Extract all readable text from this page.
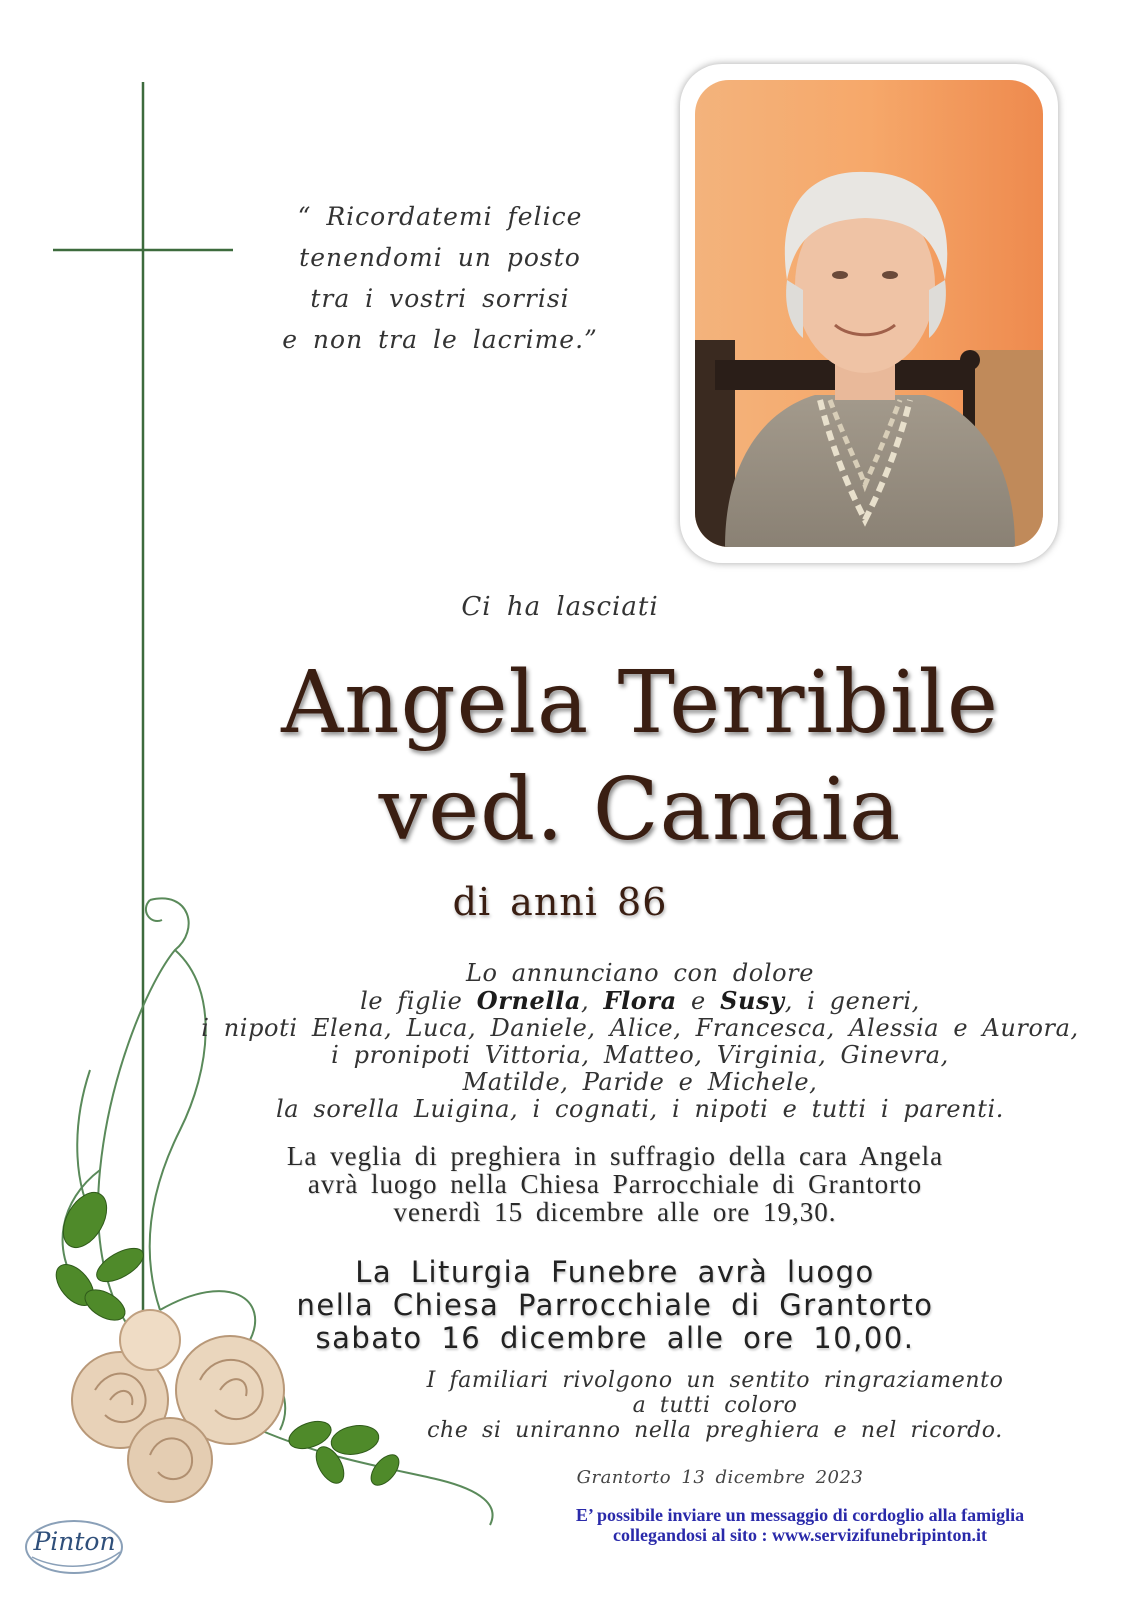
“ Ricordatemi felice
tenendomi un posto
tra i vostri sorrisi
e non tra le lacrime.”
Ci ha lasciati
Angela Terribile
ved. Canaia
di anni 86
Lo annunciano con dolore
le figlie Ornella, Flora e Susy, i generi,
i nipoti Elena, Luca, Daniele, Alice, Francesca, Alessia e Aurora,
i pronipoti Vittoria, Matteo, Virginia, Ginevra,
Matilde, Paride e Michele,
la sorella Luigina, i cognati, i nipoti e tutti i parenti.
La veglia di preghiera in suffragio della cara Angela
avrà luogo nella Chiesa Parrocchiale di Grantorto
venerdì 15 dicembre alle ore 19,30.
La Liturgia Funebre avrà luogo
nella Chiesa Parrocchiale di Grantorto
sabato 16 dicembre alle ore 10,00.
I familiari rivolgono un sentito ringraziamento
a tutti coloro
che si uniranno nella preghiera e nel ricordo.
Grantorto 13 dicembre 2023
E’ possibile inviare un messaggio di cordoglio alla famiglia
collegandosi al sito : www.servizifunebripinton.it
Pinton
